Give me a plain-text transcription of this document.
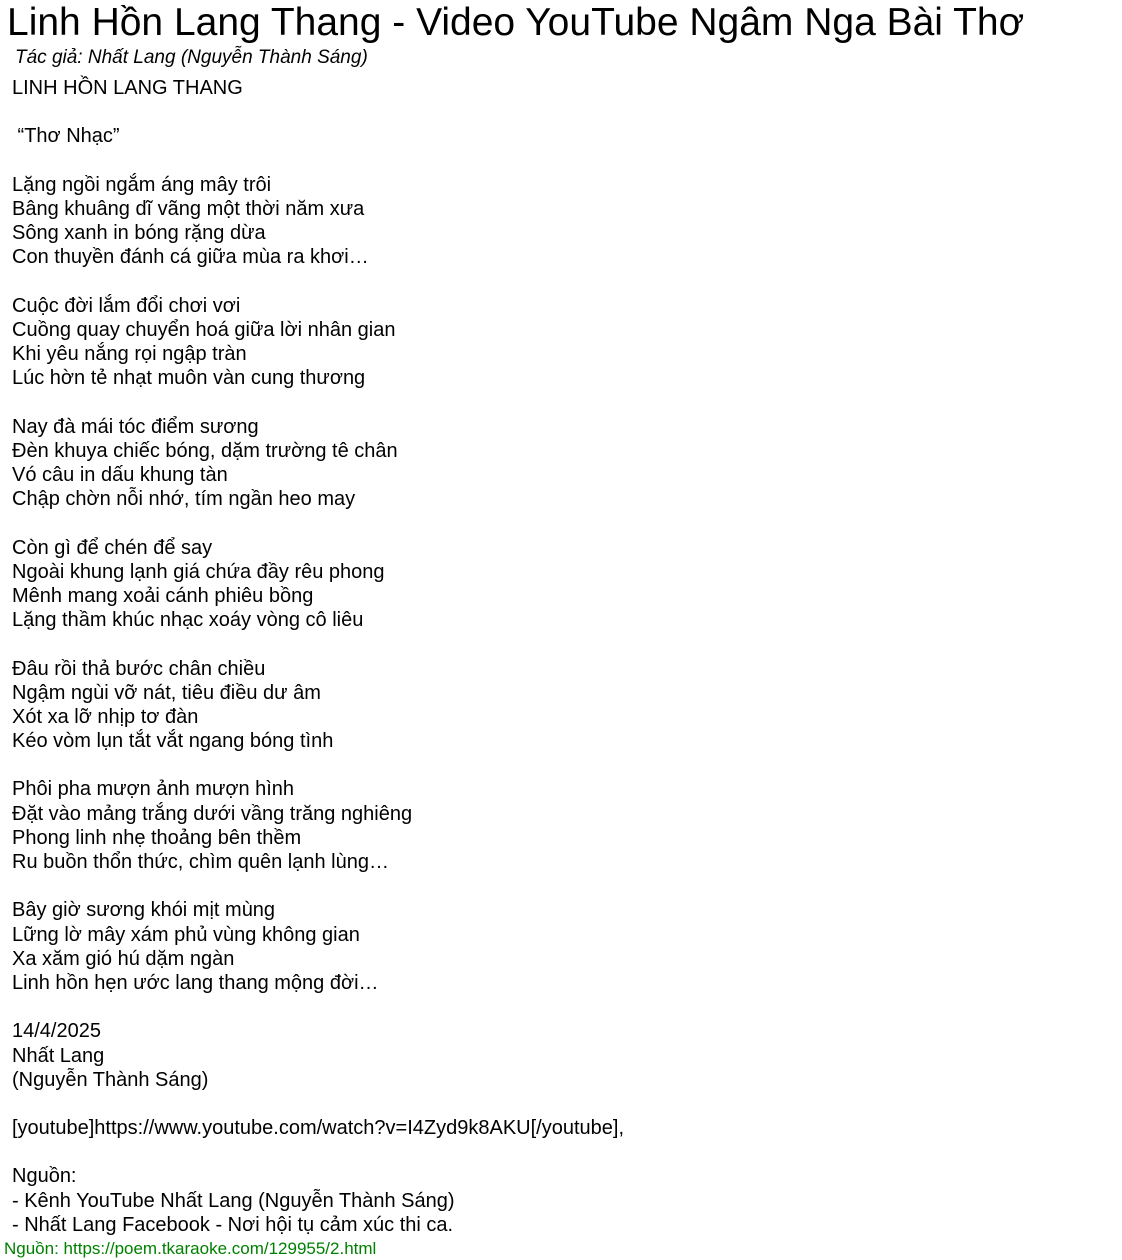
Linh Hồn Lang Thang - Video YouTube Ngâm Nga Bài Thơ
Tác giả: Nhất Lang (Nguyễn Thành Sáng)
LINH HỒN LANG THANG
“Thơ Nhạc”
Lặng ngồi ngắm áng mây trôi
Bâng khuâng dĩ vãng một thời năm xưa
Sông xanh in bóng rặng dừa
Con thuyền đánh cá giữa mùa ra khơi…
Cuộc đời lắm đổi chơi vơi
Cuồng quay chuyển hoá giữa lời nhân gian
Khi yêu nắng rọi ngập tràn
Lúc hờn tẻ nhạt muôn vàn cung thương
Nay đà mái tóc điểm sương
Đèn khuya chiếc bóng, dặm trường tê chân
Vó câu in dấu khung tàn
Chập chờn nỗi nhớ, tím ngần heo may
Còn gì để chén để say
Ngoài khung lạnh giá chứa đầy rêu phong
Mênh mang xoải cánh phiêu bồng
Lặng thầm khúc nhạc xoáy vòng cô liêu
Đâu rồi thả bước chân chiều
Ngậm ngùi vỡ nát, tiêu điều dư âm
Xót xa lỡ nhịp tơ đàn
Kéo vòm lụn tắt vắt ngang bóng tình
Phôi pha mượn ảnh mượn hình
Đặt vào mảng trắng dưới vầng trăng nghiêng
Phong linh nhẹ thoảng bên thềm
Ru buồn thổn thức, chìm quên lạnh lùng…
Bây giờ sương khói mịt mùng
Lững lờ mây xám phủ vùng không gian
Xa xăm gió hú dặm ngàn
Linh hồn hẹn ước lang thang mộng đời…
14/4/2025
Nhất Lang
(Nguyễn Thành Sáng)
[youtube]https://www.youtube.com/watch?v=I4Zyd9k8AKU[/youtube],
Nguồn:
- Kênh YouTube Nhất Lang (Nguyễn Thành Sáng)
- Nhất Lang Facebook - Nơi hội tụ cảm xúc thi ca.
Nguồn: https://poem.tkaraoke.com/129955/2.html
